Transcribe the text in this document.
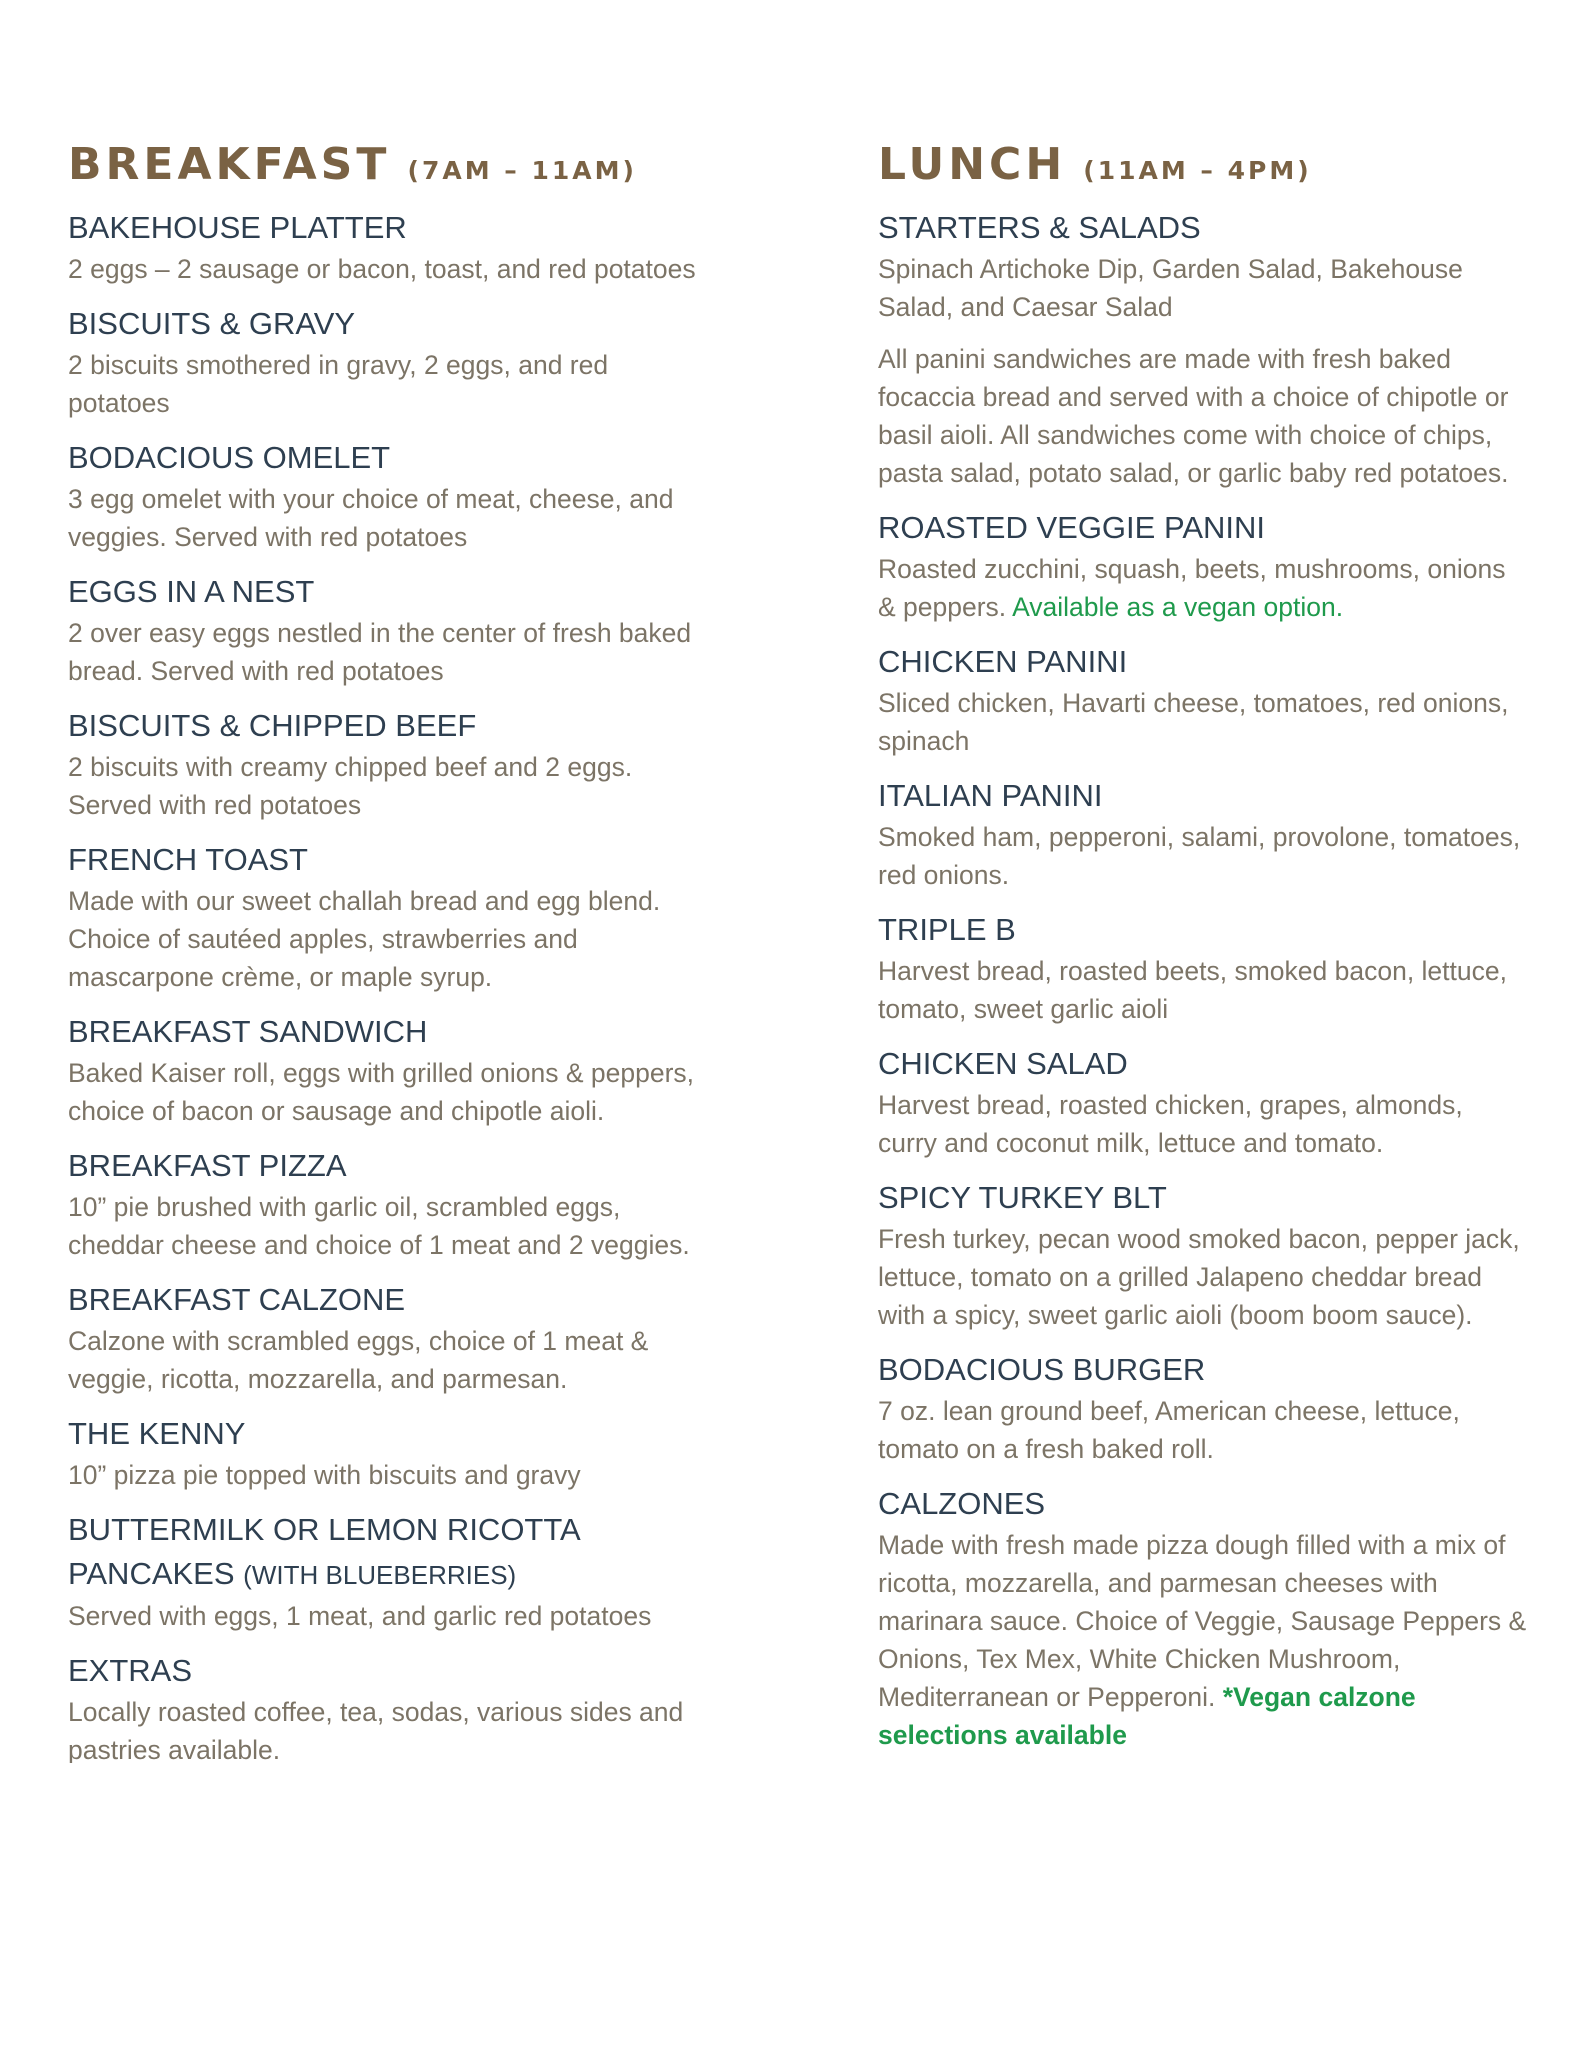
BREAKFAST (7AM – 11AM)
BAKEHOUSE PLATTER

2 eggs – 2 sausage or bacon, toast, and red potatoes

BISCUITS & GRAVY

2 biscuits smothered in gravy, 2 eggs, and red potatoes

BODACIOUS OMELET

3 egg omelet with your choice of meat, cheese, and veggies. Served with red potatoes

EGGS IN A NEST

2 over easy eggs nestled in the center of fresh baked bread. Served with red potatoes

BISCUITS & CHIPPED BEEF

2 biscuits with creamy chipped beef and 2 eggs. Served with red potatoes

FRENCH TOAST

Made with our sweet challah bread and egg blend. Choice of sautéed apples, strawberries and mascarpone crème, or maple syrup.

BREAKFAST SANDWICH

Baked Kaiser roll, eggs with grilled onions & peppers, choice of bacon or sausage and chipotle aioli.

BREAKFAST PIZZA

10” pie brushed with garlic oil, scrambled eggs, cheddar cheese and choice of 1 meat and 2 veggies.

BREAKFAST CALZONE

Calzone with scrambled eggs, choice of 1 meat & veggie, ricotta, mozzarella, and parmesan.

THE KENNY

10” pizza pie topped with biscuits and gravy

BUTTERMILK OR LEMON RICOTTA
PANCAKES (WITH BLUEBERRIES)

Served with eggs, 1 meat, and garlic red potatoes

EXTRAS

Locally roasted coffee, tea, sodas, various sides and pastries available.

LUNCH (11AM – 4PM)
STARTERS & SALADS

Spinach Artichoke Dip, Garden Salad, Bakehouse Salad, and Caesar Salad

All panini sandwiches are made with fresh baked focaccia bread and served with a choice of chipotle or basil aioli. All sandwiches come with choice of chips, pasta salad, potato salad, or garlic baby red potatoes.

ROASTED VEGGIE PANINI

Roasted zucchini, squash, beets, mushrooms, onions & peppers. Available as a vegan option.

CHICKEN PANINI

Sliced chicken, Havarti cheese, tomatoes, red onions, spinach

ITALIAN PANINI

Smoked ham, pepperoni, salami, provolone, tomatoes, red onions.

TRIPLE B

Harvest bread, roasted beets, smoked bacon, lettuce, tomato, sweet garlic aioli

CHICKEN SALAD

Harvest bread, roasted chicken, grapes, almonds, curry and coconut milk, lettuce and tomato.

SPICY TURKEY BLT

Fresh turkey, pecan wood smoked bacon, pepper jack, lettuce, tomato on a grilled Jalapeno cheddar bread with a spicy, sweet garlic aioli (boom boom sauce).

BODACIOUS BURGER

7 oz. lean ground beef, American cheese, lettuce, tomato on a fresh baked roll.

CALZONES

Made with fresh made pizza dough filled with a mix of ricotta, mozzarella, and parmesan cheeses with marinara sauce. Choice of Veggie, Sausage Peppers & Onions, Tex Mex, White Chicken Mushroom, Mediterranean or Pepperoni. *Vegan calzone selections available
